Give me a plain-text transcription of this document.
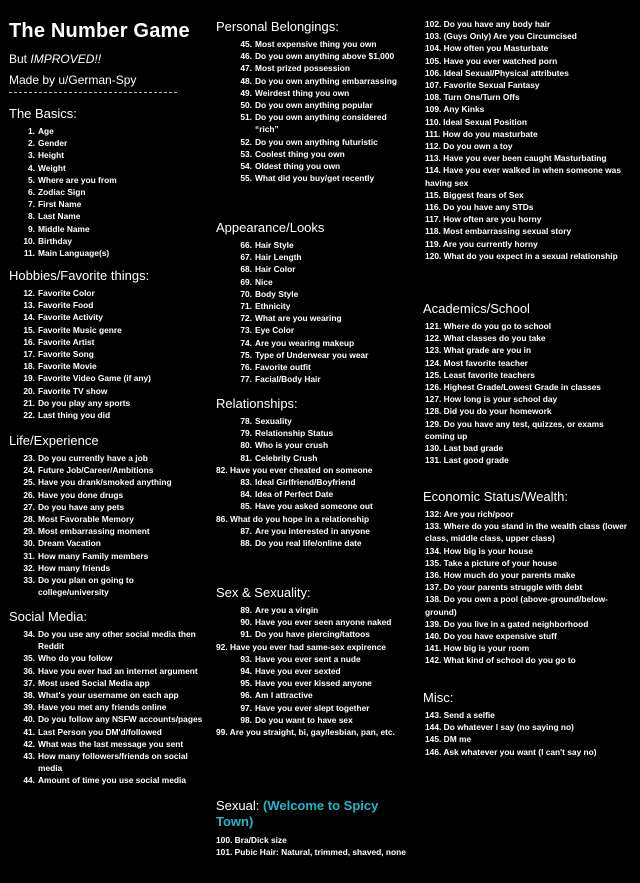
The Number Game
But IMPROVED!!
Made by u/German-Spy
The Basics:
1. Age
2. Gender
3. Height
4. Weight
5. Where are you from
6. Zodiac Sign
7. First Name
8. Last Name
9. Middle Name
10. Birthday
11. Main Language(s)
Hobbies/Favorite things:
12. Favorite Color
13. Favorite Food
14. Favorite Activity
15. Favorite Music genre
16. Favorite Artist
17. Favorite Song
18. Favorite Movie
19. Favorite Video Game (if any)
20. Favorite TV show
21. Do you play any sports
22. Last thing you did
Life/Experience
23. Do you currently have a job
24. Future Job/Career/Ambitions
25. Have you drank/smoked anything
26. Have you done drugs
27. Do you have any pets
28. Most Favorable Memory
29. Most embarrassing moment
30. Dream Vacation
31. How many Family members
32. How many friends
33. Do you plan on going to college/university
Social Media:
34. Do you use any other social media then Reddit
35. Who do you follow
36. Have you ever had an internet argument
37. Most used Social Media app
38. What's your username on each app
39. Have you met any friends online
40. Do you follow any NSFW accounts/pages
41. Last Person you DM'd/followed
42. What was the last message you sent
43. How many followers/friends on social media
44. Amount of time you use social media
Personal Belongings:
45. Most expensive thing you own
46. Do you own anything above $1,000
47. Most prized possession
48. Do you own anything embarrassing
49. Weirdest thing you own
50. Do you own anything popular
51. Do you own anything considered “rich”
52. Do you own anything futuristic
53. Coolest thing you own
54. Oldest thing you own
55. What did you buy/get recently
Appearance/Looks
66. Hair Style
67. Hair Length
68. Hair Color
69. Nice
70. Body Style
71. Ethnicity
72. What are you wearing
73. Eye Color
74. Are you wearing makeup
75. Type of Underwear you wear
76. Favorite outfit
77. Facial/Body Hair
Relationships:
78. Sexuality
79. Relationship Status
80. Who is your crush
81. Celebrity Crush
82. Have you ever cheated on someone
83. Ideal Girlfriend/Boyfriend
84. Idea of Perfect Date
85. Have you asked someone out
86. What do you hope in a relationship
87. Are you interested in anyone
88. Do you real life/online date
Sex & Sexuality:
89. Are you a virgin
90. Have you ever seen anyone naked
91. Do you have piercing/tattoos
92. Have you ever had same-sex expirence
93. Have you ever sent a nude
94. Have you ever sexted
95. Have you ever kissed anyone
96. Am I attractive
97. Have you ever slept together
98. Do you want to have sex
99. Are you straight, bi, gay/lesbian, pan, etc.
Sexual: (Welcome to Spicy Town)
100. Bra/Dick size
101. Pubic Hair: Natural, trimmed, shaved, none
102. Do you have any body hair
103. (Guys Only) Are you Circumcised
104. How often you Masturbate
105. Have you ever watched porn
106. Ideal Sexual/Physical attributes
107. Favorite Sexual Fantasy
108. Turn Ons/Turn Offs
109. Any Kinks
110. Ideal Sexual Position
111. How do you masturbate
112. Do you own a toy
113. Have you ever been caught Masturbating
114. Have you ever walked in when someone was having sex
115. Biggest fears of Sex
116. Do you have any STDs
117. How often are you horny
118. Most embarrassing sexual story
119. Are you currently horny
120. What do you expect in a sexual relationship
Academics/School
121. Where do you go to school
122. What classes do you take
123. What grade are you in
124. Most favorite teacher
125. Least favorite teachers
126. Highest Grade/Lowest Grade in classes
127. How long is your school day
128. Did you do your homework
129. Do you have any test, quizzes, or exams coming up
130. Last bad grade
131. Last good grade
Economic Status/Wealth:
132: Are you rich/poor
133. Where do you stand in the wealth class (lower class, middle class, upper class)
134. How big is your house
135. Take a picture of your house
136. How much do your parents make
137. Do your parents struggle with debt
138. Do you own a pool (above-ground/below-ground)
139. Do you live in a gated neighborhood
140. Do you have expensive stuff
141. How big is your room
142. What kind of school do you go to
Misc:
143. Send a selfie
144. Do whatever I say (no saying no)
145. DM me
146. Ask whatever you want (I can't say no)
